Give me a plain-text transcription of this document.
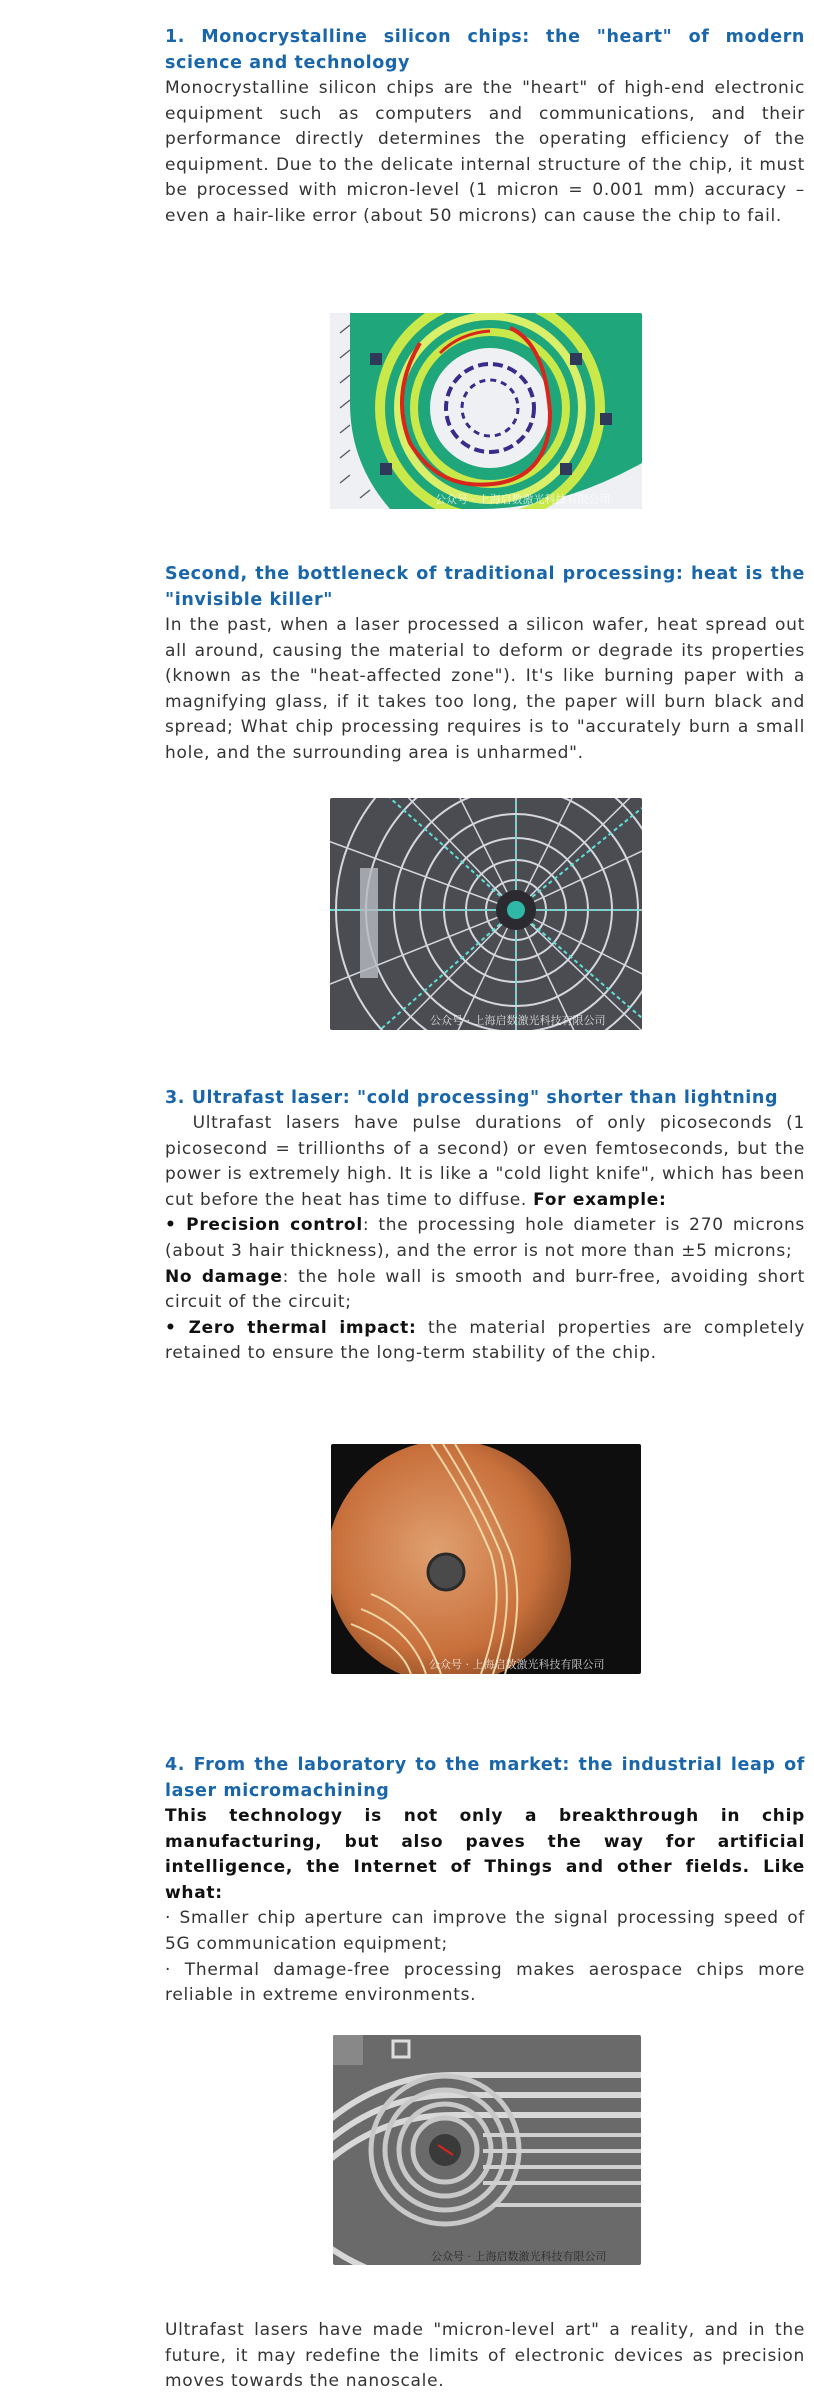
1. Monocrystalline silicon chips: the "heart" of modern science and technology

Monocrystalline silicon chips are the "heart" of high-end electronic equipment such as computers and communications, and their performance directly determines the operating efficiency of the equipment. Due to the delicate internal structure of the chip, it must be processed with micron-level (1 micron = 0.001 mm) accuracy – even a hair-like error (about 50 microns) can cause the chip to fail.

公众号 · 上海启数激光科技有限公司
Second, the bottleneck of traditional processing: heat is the "invisible killer"

In the past, when a laser processed a silicon wafer, heat spread out all around, causing the material to deform or degrade its properties (known as the "heat-affected zone"). It's like burning paper with a magnifying glass, if it takes too long, the paper will burn black and spread; What chip processing requires is to "accurately burn a small hole, and the surrounding area is unharmed".

公众号 · 上海启数激光科技有限公司
3. Ultrafast laser: "cold processing" shorter than lightning

Ultrafast lasers have pulse durations of only picoseconds (1 picosecond = trillionths of a second) or even femtoseconds, but the power is extremely high. It is like a "cold light knife", which has been cut before the heat has time to diffuse. For example:

• Precision control: the processing hole diameter is 270 microns (about 3 hair thickness), and the error is not more than ±5 microns;

No damage: the hole wall is smooth and burr-free, avoiding short circuit of the circuit;

• Zero thermal impact: the material properties are completely retained to ensure the long-term stability of the chip.

公众号 · 上海启数激光科技有限公司
4. From the laboratory to the market: the industrial leap of laser micromachining

This technology is not only a breakthrough in chip manufacturing, but also paves the way for artificial intelligence, the Internet of Things and other fields. Like what:

· Smaller chip aperture can improve the signal processing speed of 5G communication equipment;

· Thermal damage-free processing makes aerospace chips more reliable in extreme environments.

公众号 · 上海启数激光科技有限公司

Ultrafast lasers have made "micron-level art" a reality, and in the future, it may redefine the limits of electronic devices as precision moves towards the nanoscale.
